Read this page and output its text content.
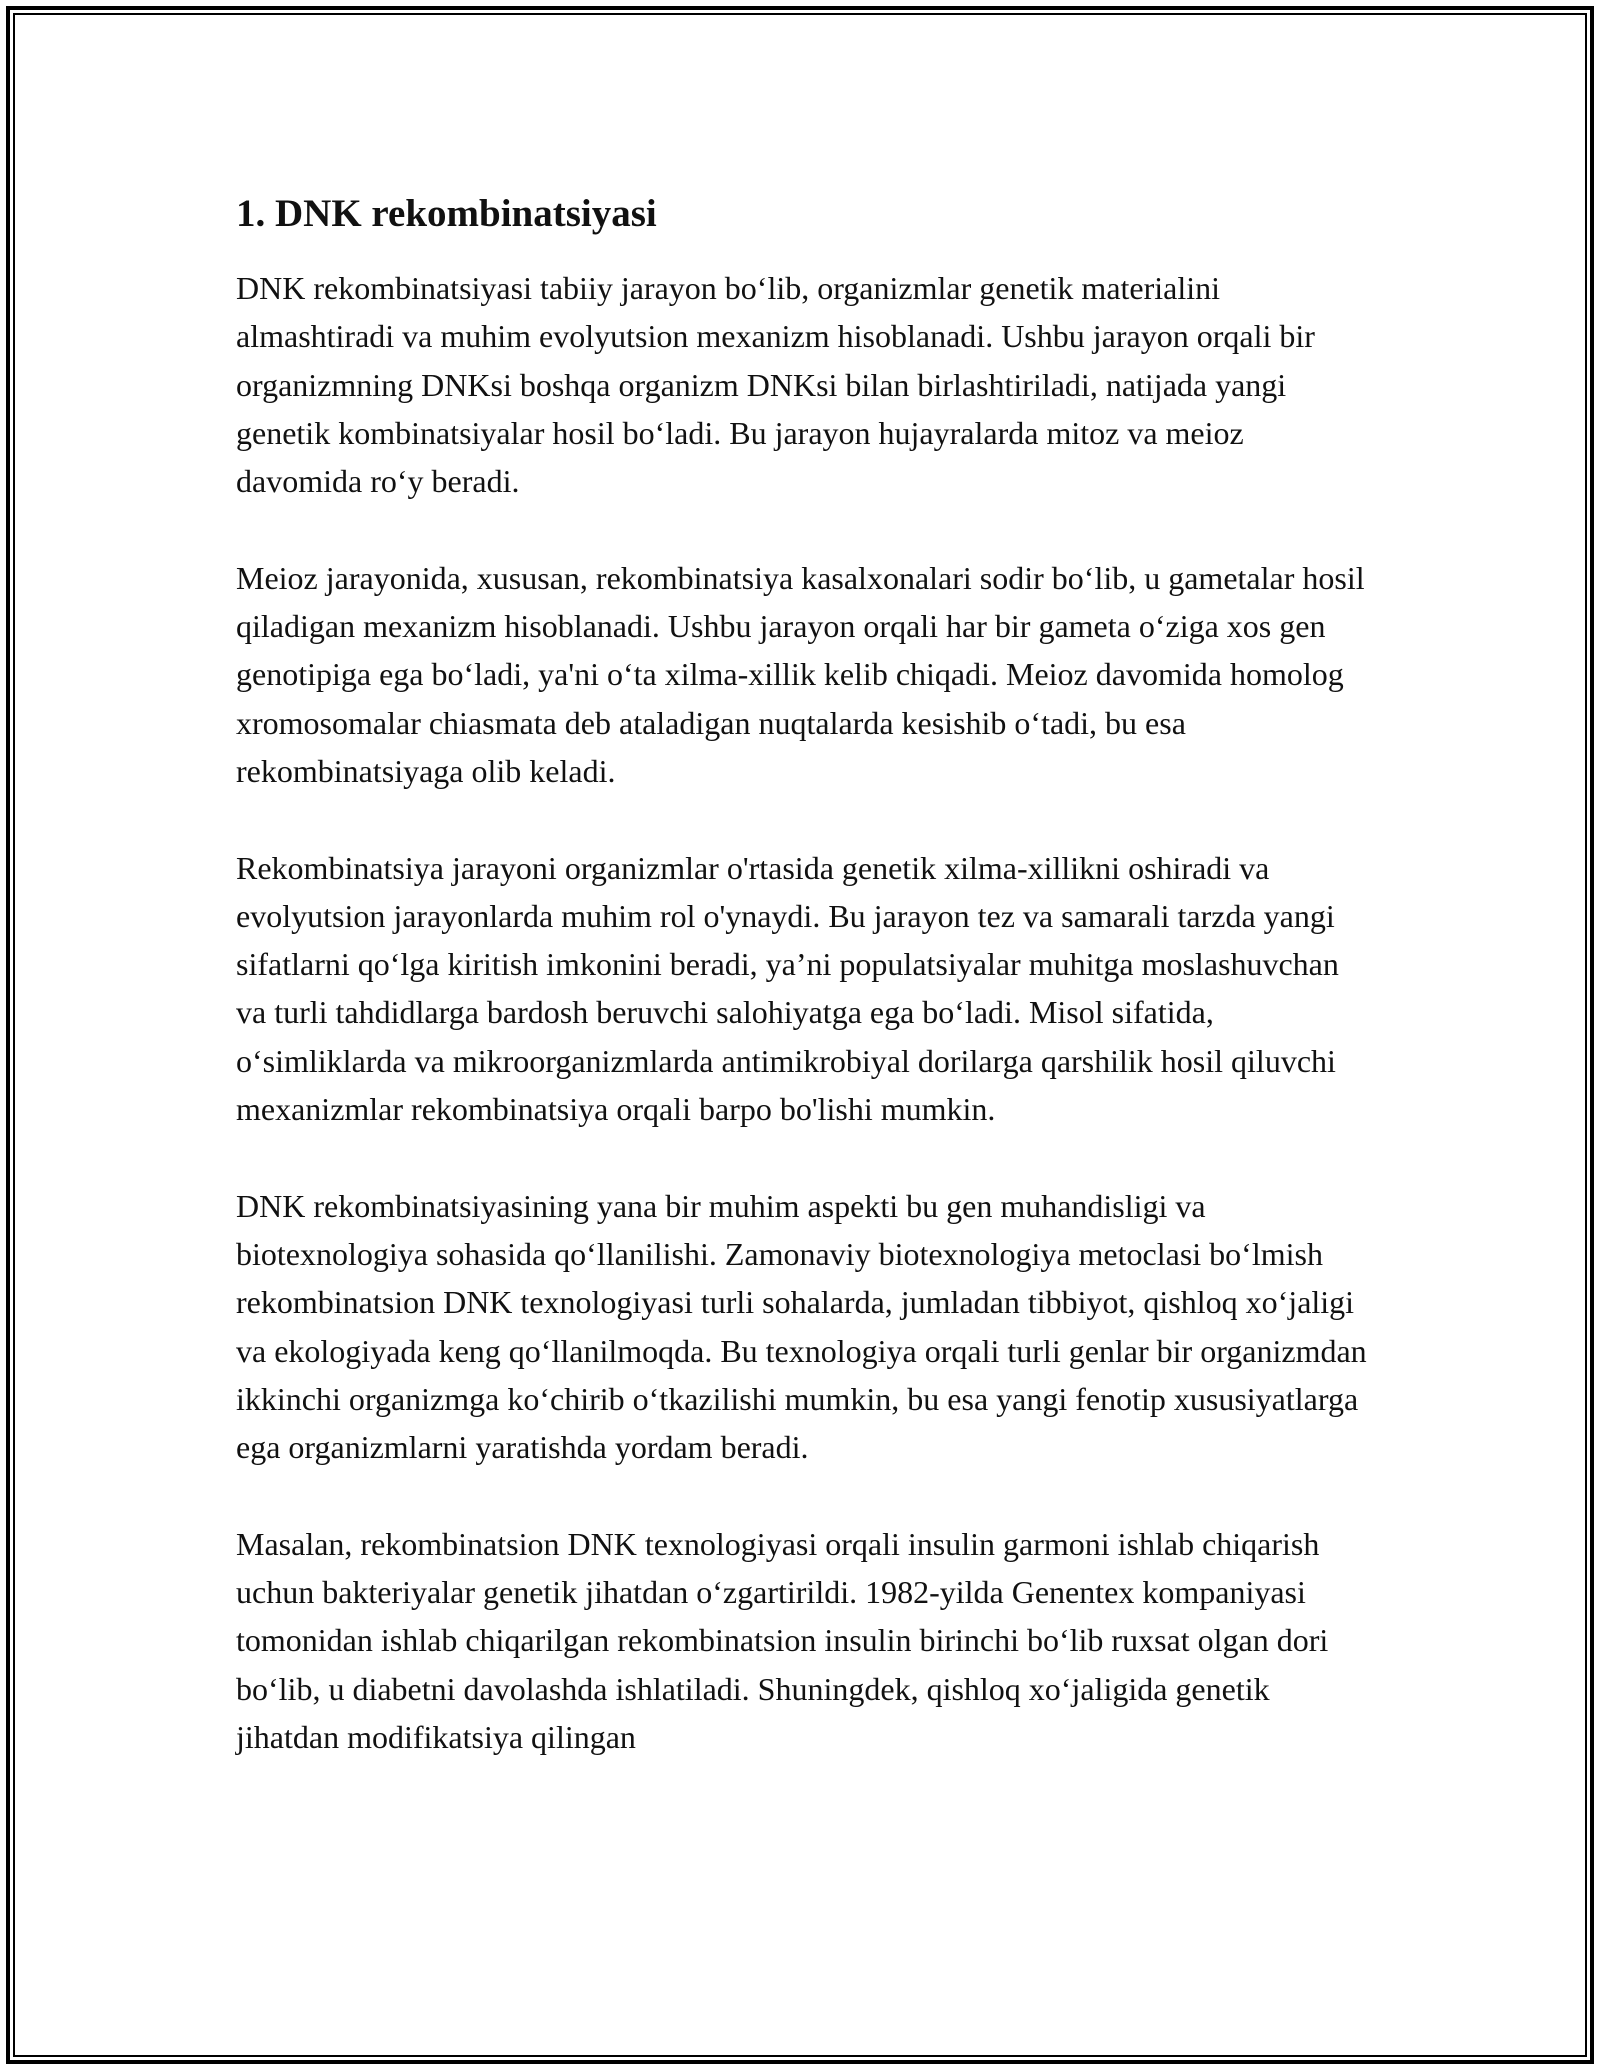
1. DNK rekombinatsiyasi

DNK rekombinatsiyasi tabiiy jarayon bo‘lib, organizmlar genetik materialini almashtiradi va muhim evolyutsion mexanizm hisoblanadi. Ushbu jarayon orqali bir organizmning DNKsi boshqa organizm DNKsi bilan birlashtiriladi, natijada yangi genetik kombinatsiyalar hosil bo‘ladi. Bu jarayon hujayralarda mitoz va meioz davomida ro‘y beradi.

Meioz jarayonida, xususan, rekombinatsiya kasalxonalari sodir bo‘lib, u gametalar hosil qiladigan mexanizm hisoblanadi. Ushbu jarayon orqali har bir gameta o‘ziga xos gen genotipiga ega bo‘ladi, ya'ni o‘ta xilma-xillik kelib chiqadi. Meioz davomida homolog xromosomalar chiasmata deb ataladigan nuqtalarda kesishib o‘tadi, bu esa rekombinatsiyaga olib keladi.

Rekombinatsiya jarayoni organizmlar o'rtasida genetik xilma-xillikni oshiradi va evolyutsion jarayonlarda muhim rol o'ynaydi. Bu jarayon tez va samarali tarzda yangi sifatlarni qo‘lga kiritish imkonini beradi, ya’ni populatsiyalar muhitga moslashuvchan va turli tahdidlarga bardosh beruvchi salohiyatga ega bo‘ladi. Misol sifatida, o‘simliklarda va mikroorganizmlarda antimikrobiyal dorilarga qarshilik hosil qiluvchi mexanizmlar rekombinatsiya orqali barpo bo'lishi mumkin.

DNK rekombinatsiyasining yana bir muhim aspekti bu gen muhandisligi va biotexnologiya sohasida qo‘llanilishi. Zamonaviy biotexnologiya metoclasi bo‘lmish rekombinatsion DNK texnologiyasi turli sohalarda, jumladan tibbiyot, qishloq xo‘jaligi va ekologiyada keng qo‘llanilmoqda. Bu texnologiya orqali turli genlar bir organizmdan ikkinchi organizmga ko‘chirib o‘tkazilishi mumkin, bu esa yangi fenotip xususiyatlarga ega organizmlarni yaratishda yordam beradi.

Masalan, rekombinatsion DNK texnologiyasi orqali insulin garmoni ishlab chiqarish uchun bakteriyalar genetik jihatdan o‘zgartirildi. 1982-yilda Genentex kompaniyasi tomonidan ishlab chiqarilgan rekombinatsion insulin birinchi bo‘lib ruxsat olgan dori bo‘lib, u diabetni davolashda ishlatiladi. Shuningdek, qishloq xo‘jaligida genetik jihatdan modifikatsiya qilingan
